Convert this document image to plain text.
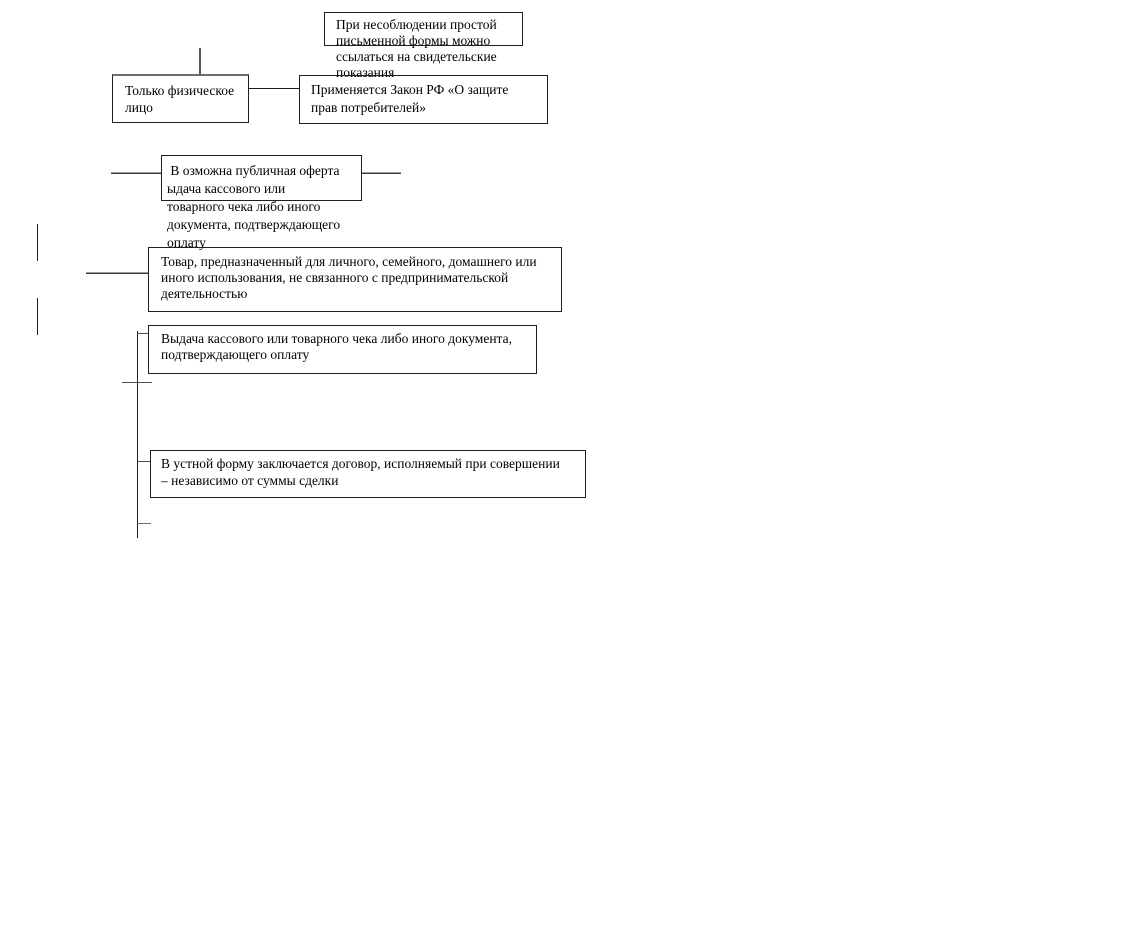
При несоблюдении простой
письменной формы можно
ссылаться на свидетельские
показания
Только физическое
лицо
Применяется Закон РФ «О защите
прав потребителей»
В озможна публичная оферта
ыдача кассового или
товарного чека либо иного
документа, подтверждающего
оплату
Товар, предназначенный для личного, семейного, домашнего или
иного использования, не связанного с предпринимательской
деятельностью
Выдача кассового или товарного чека либо иного документа,
подтверждающего оплату
В устной форму заключается договор, исполняемый при совершении
– независимо от суммы сделки
